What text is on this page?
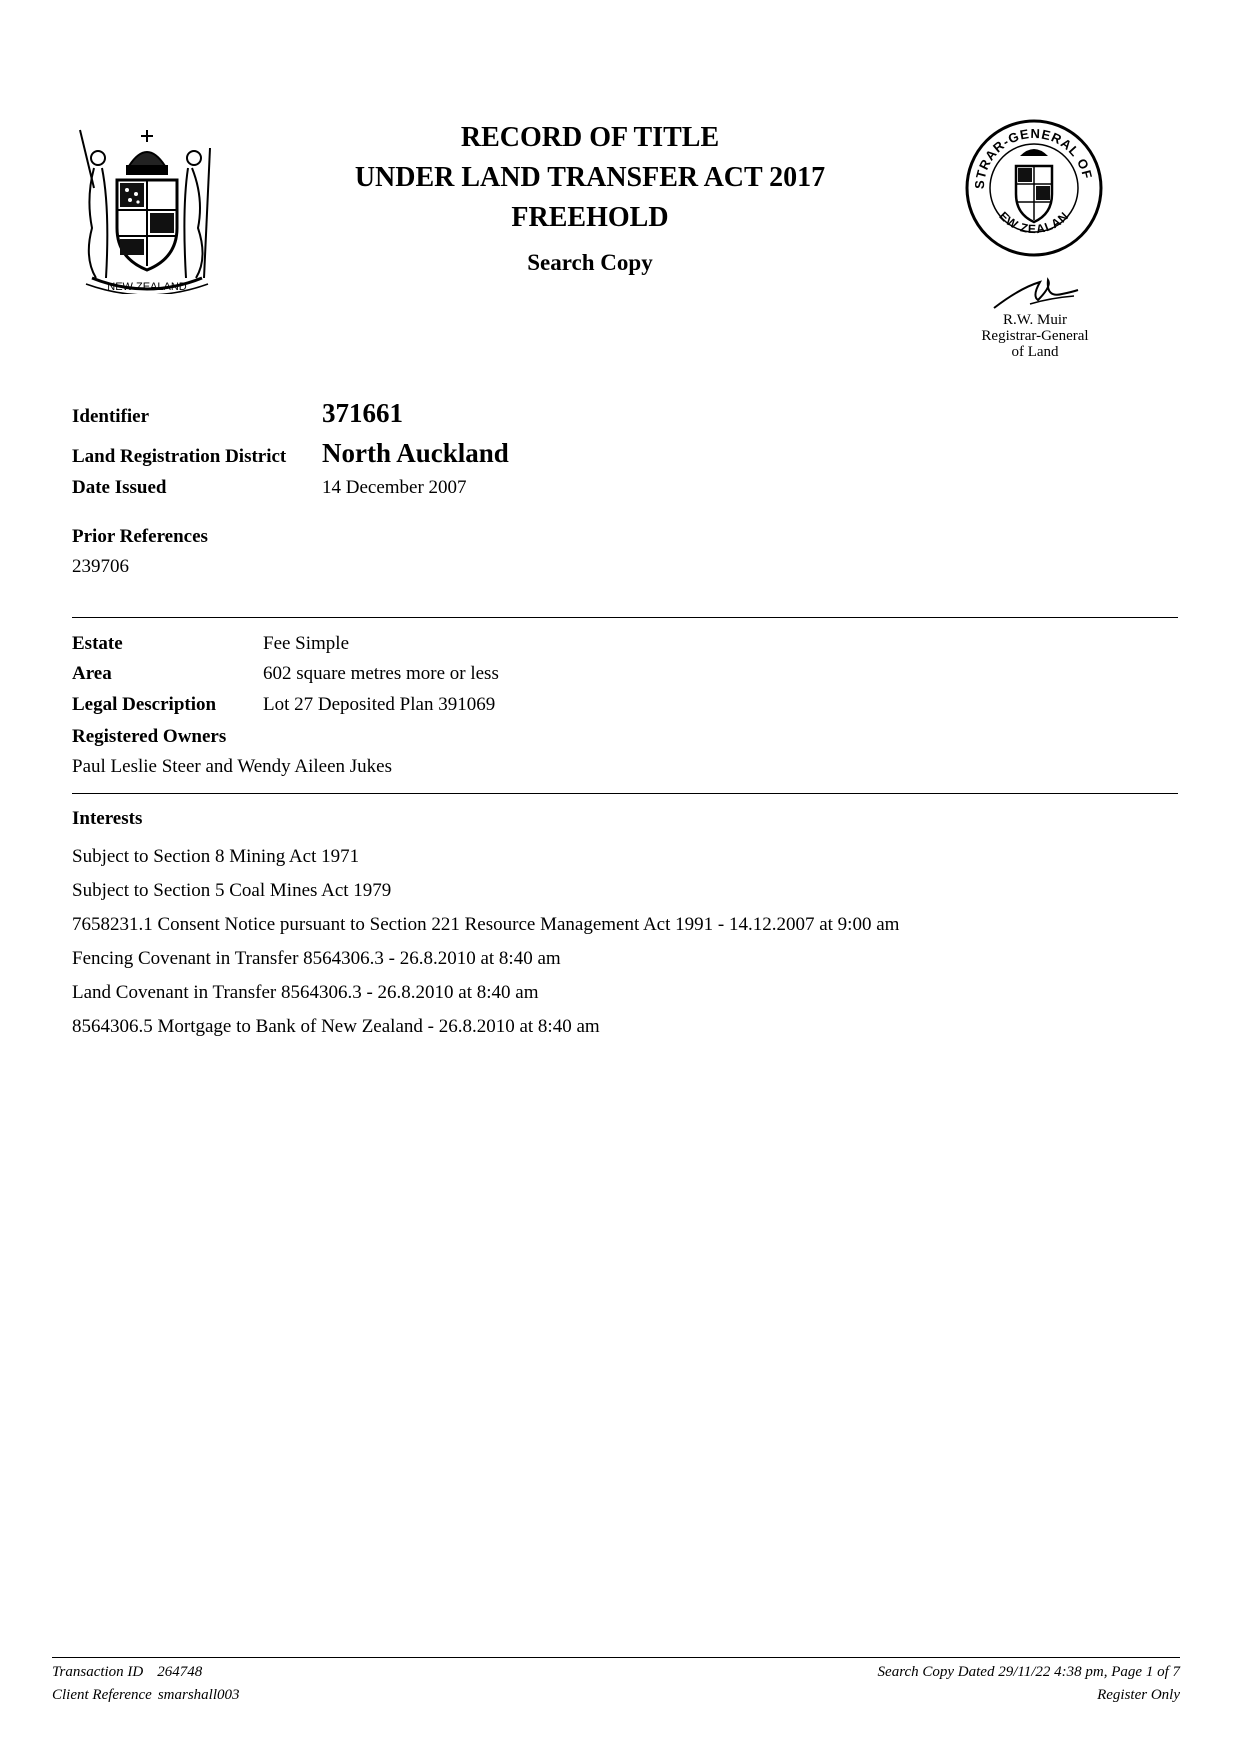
NEW ZEALAND
RECORD OF TITLE
UNDER LAND TRANSFER ACT 2017
FREEHOLD
Search Copy
STRAR-GENERAL OF
EW ZEALAN
R.W. Muir
Registrar-General
of Land
Identifier	371661
Land Registration District North Auckland
Date Issued	14 December 2007
Prior References
239706
Estate	Fee Simple
Area	602 square metres more or less
Legal Description Lot 27 Deposited Plan 391069
Registered Owners
Paul Leslie Steer and Wendy Aileen Jukes
Interests
Subject to Section 8 Mining Act 1971
Subject to Section 5 Coal Mines Act 1979
7658231.1 Consent Notice pursuant to Section 221 Resource Management Act 1991 - 14.12.2007 at 9:00 am
Fencing Covenant in Transfer 8564306.3 - 26.8.2010 at 8:40 am
Land Covenant in Transfer 8564306.3 - 26.8.2010 at 8:40 am
8564306.5 Mortgage to Bank of New Zealand - 26.8.2010 at 8:40 am
Transaction ID 264748
Client Reference smarshall003
Search Copy Dated 29/11/22 4:38 pm, Page 1 of 7
Register Only
